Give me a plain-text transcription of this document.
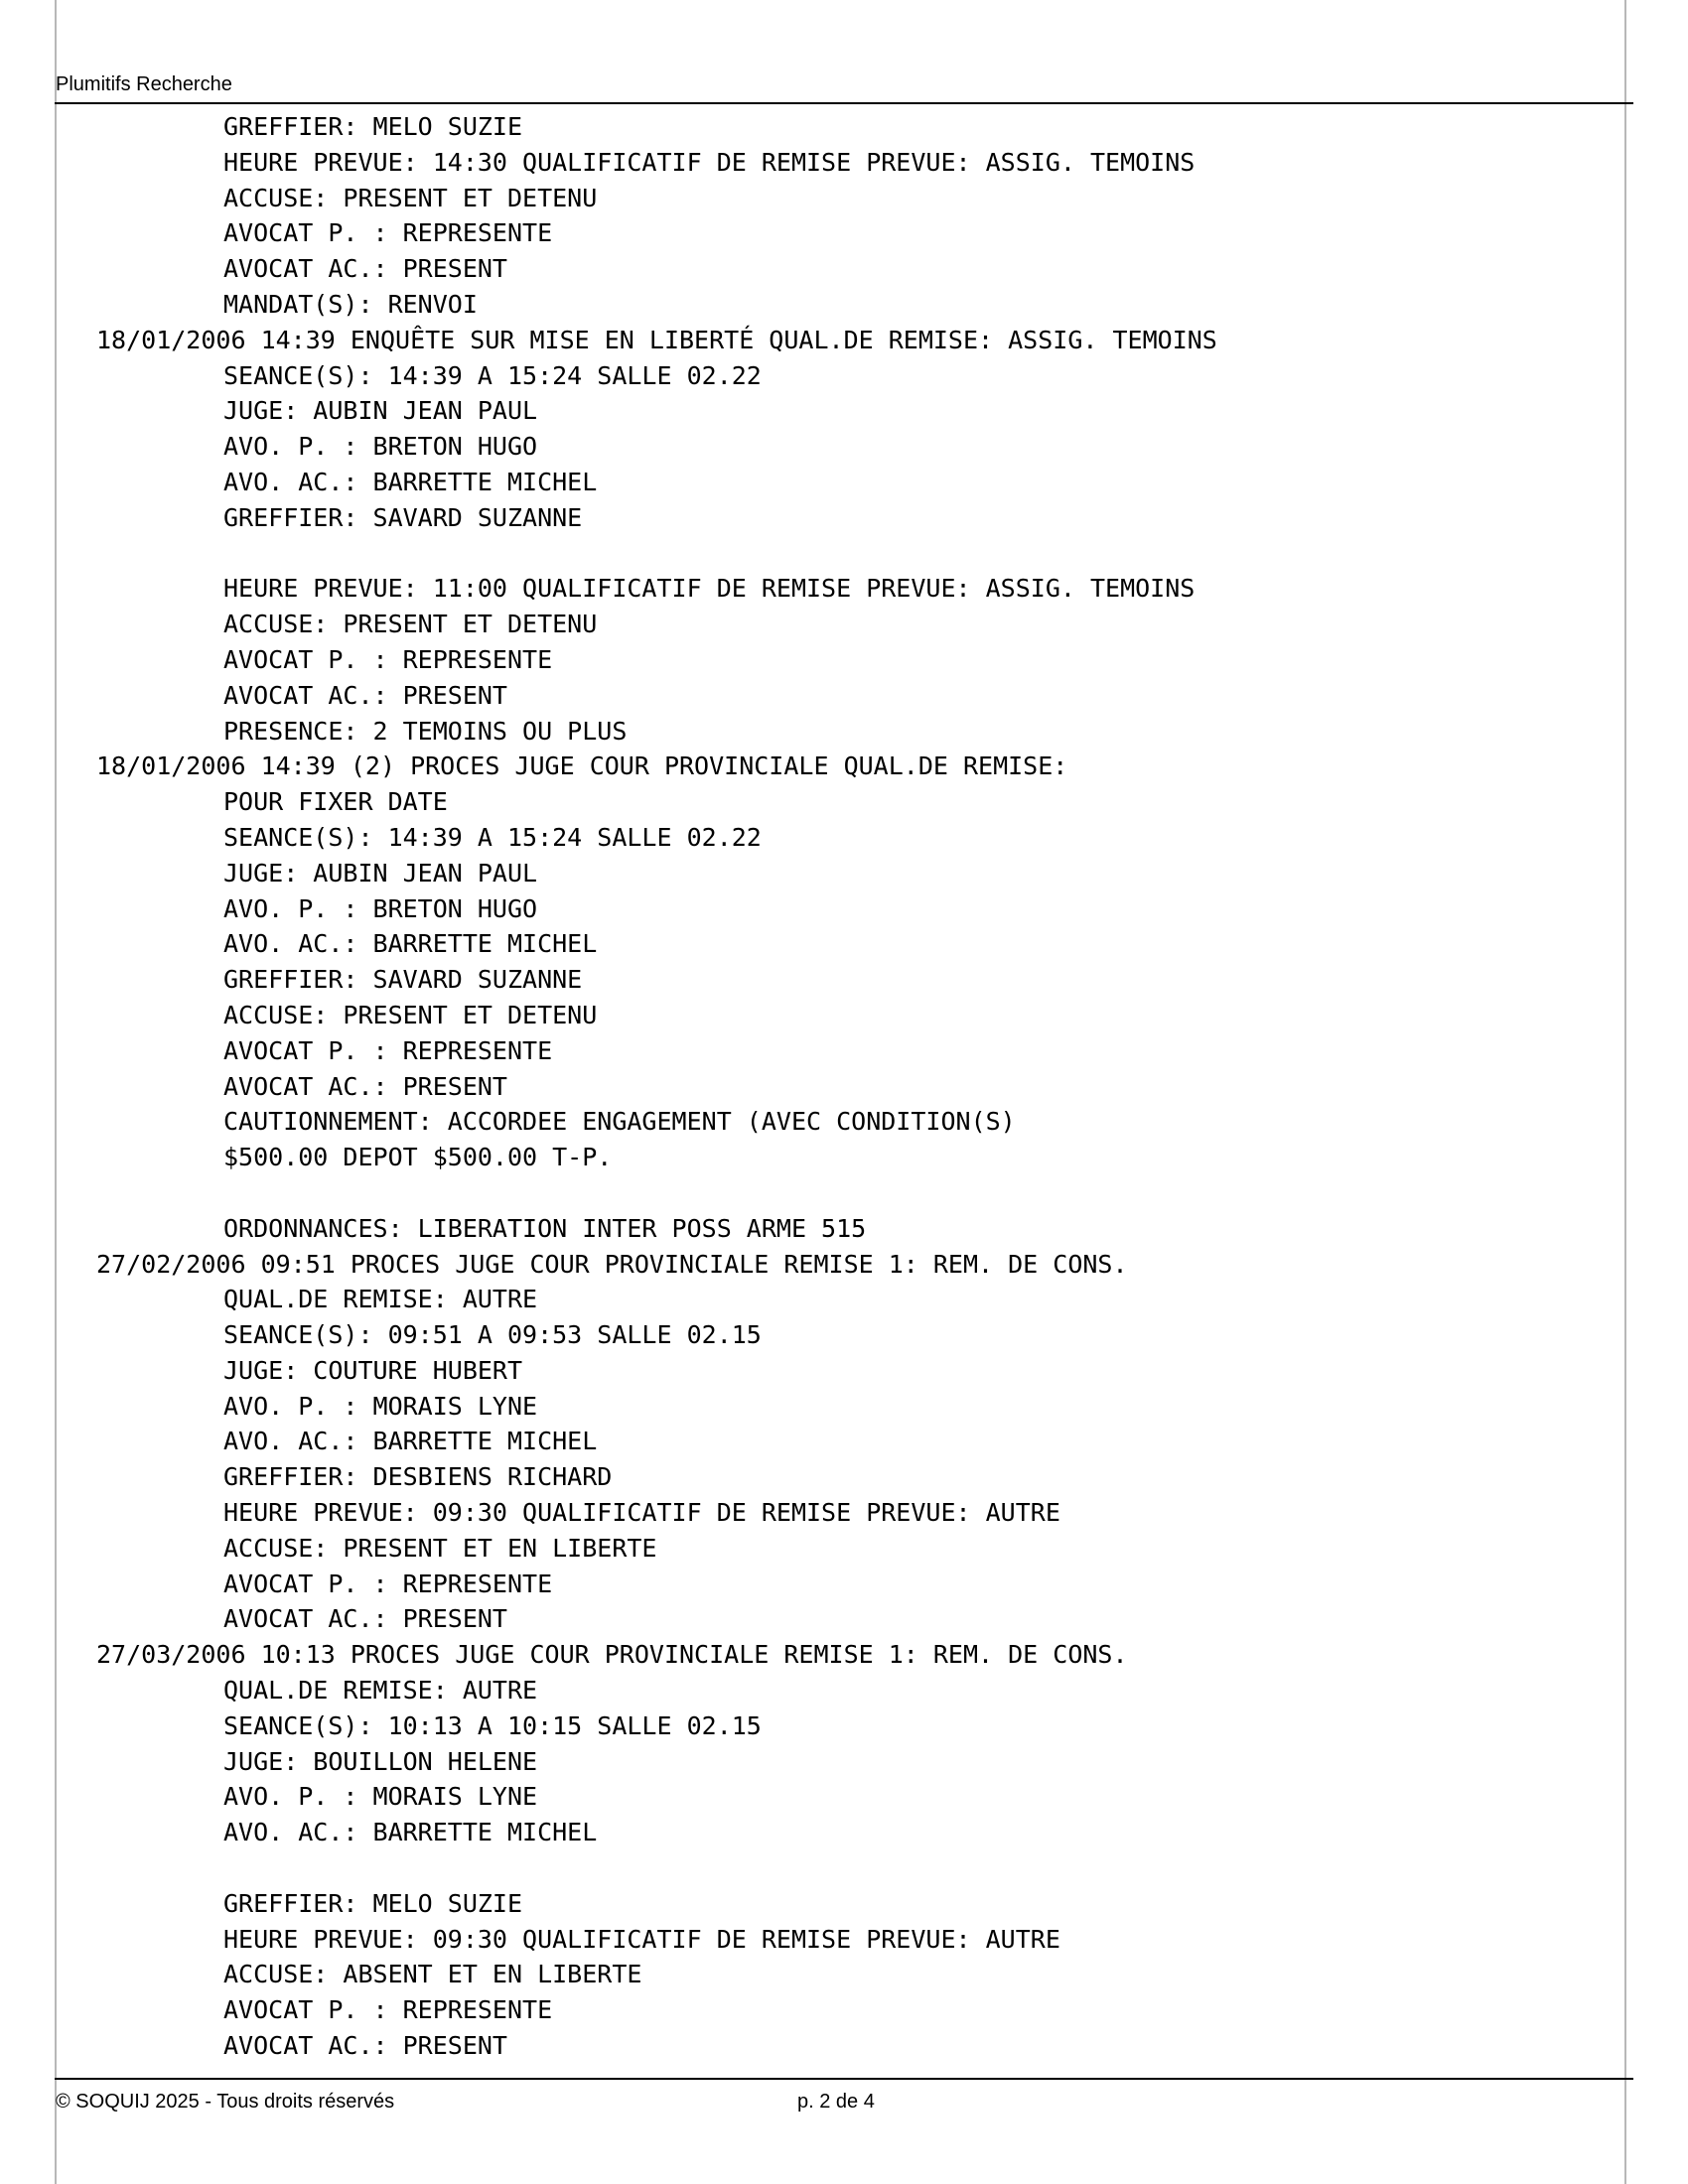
Plumitifs Recherche
GREFFIER: MELO SUZIE
HEURE PREVUE: 14:30 QUALIFICATIF DE REMISE PREVUE: ASSIG. TEMOINS
ACCUSE: PRESENT ET DETENU
AVOCAT P. : REPRESENTE
AVOCAT AC.: PRESENT
MANDAT(S): RENVOI
18/01/2006 14:39 ENQUÊTE SUR MISE EN LIBERTÉ QUAL.DE REMISE: ASSIG. TEMOINS
SEANCE(S): 14:39 A 15:24 SALLE 02.22
JUGE: AUBIN JEAN PAUL
AVO. P. : BRETON HUGO
AVO. AC.: BARRETTE MICHEL
GREFFIER: SAVARD SUZANNE
HEURE PREVUE: 11:00 QUALIFICATIF DE REMISE PREVUE: ASSIG. TEMOINS
ACCUSE: PRESENT ET DETENU
AVOCAT P. : REPRESENTE
AVOCAT AC.: PRESENT
PRESENCE: 2 TEMOINS OU PLUS
18/01/2006 14:39 (2) PROCES JUGE COUR PROVINCIALE QUAL.DE REMISE:
POUR FIXER DATE
SEANCE(S): 14:39 A 15:24 SALLE 02.22
JUGE: AUBIN JEAN PAUL
AVO. P. : BRETON HUGO
AVO. AC.: BARRETTE MICHEL
GREFFIER: SAVARD SUZANNE
ACCUSE: PRESENT ET DETENU
AVOCAT P. : REPRESENTE
AVOCAT AC.: PRESENT
CAUTIONNEMENT: ACCORDEE ENGAGEMENT (AVEC CONDITION(S)
$500.00 DEPOT $500.00 T-P.
ORDONNANCES: LIBERATION INTER POSS ARME 515
27/02/2006 09:51 PROCES JUGE COUR PROVINCIALE REMISE 1: REM. DE CONS.
QUAL.DE REMISE: AUTRE
SEANCE(S): 09:51 A 09:53 SALLE 02.15
JUGE: COUTURE HUBERT
AVO. P. : MORAIS LYNE
AVO. AC.: BARRETTE MICHEL
GREFFIER: DESBIENS RICHARD
HEURE PREVUE: 09:30 QUALIFICATIF DE REMISE PREVUE: AUTRE
ACCUSE: PRESENT ET EN LIBERTE
AVOCAT P. : REPRESENTE
AVOCAT AC.: PRESENT
27/03/2006 10:13 PROCES JUGE COUR PROVINCIALE REMISE 1: REM. DE CONS.
QUAL.DE REMISE: AUTRE
SEANCE(S): 10:13 A 10:15 SALLE 02.15
JUGE: BOUILLON HELENE
AVO. P. : MORAIS LYNE
AVO. AC.: BARRETTE MICHEL
GREFFIER: MELO SUZIE
HEURE PREVUE: 09:30 QUALIFICATIF DE REMISE PREVUE: AUTRE
ACCUSE: ABSENT ET EN LIBERTE
AVOCAT P. : REPRESENTE
AVOCAT AC.: PRESENT
© SOQUIJ 2025 - Tous droits réservés	p. 2 de 4
